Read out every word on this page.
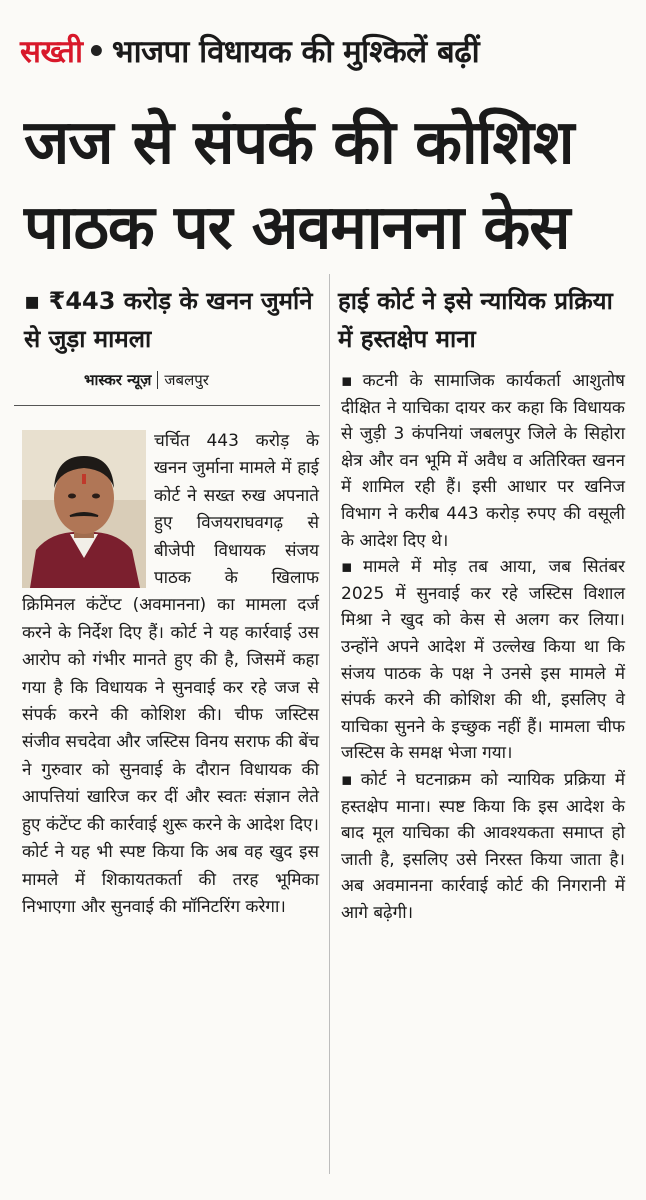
सख्ती • भाजपा विधायक की मुश्किलें बढ़ीं
जज से संपर्क की कोशिश
पाठक पर अवमानना केस
▪ ₹443 करोड़ के खनन जुर्माने से जुड़ा मामला
हाई कोर्ट ने इसे न्यायिक प्रक्रिया में हस्तक्षेप माना
भास्कर न्यूज़ जबलपुर

चर्चित 443 करोड़ के खनन जुर्माना मामले में हाई कोर्ट ने सख्त रुख अपनाते हुए विजयराघवगढ़ से बीजेपी विधायक संजय पाठक के खिलाफ क्रिमिनल कंटेंप्ट (अवमानना) का मामला दर्ज करने के निर्देश दिए हैं। कोर्ट ने यह कार्रवाई उस आरोप को गंभीर मानते हुए की है, जिसमें कहा गया है कि विधायक ने सुनवाई कर रहे जज से संपर्क करने की कोशिश की। चीफ जस्टिस संजीव सचदेवा और जस्टिस विनय सराफ की बेंच ने गुरुवार को सुनवाई के दौरान विधायक की आपत्तियां खारिज कर दीं और स्वतः संज्ञान लेते हुए कंटेंप्ट की कार्रवाई शुरू करने के आदेश दिए। कोर्ट ने यह भी स्पष्ट किया कि अब वह खुद इस मामले में शिकायतकर्ता की तरह भूमिका निभाएगा और सुनवाई की मॉनिटरिंग करेगा।

▪ कटनी के सामाजिक कार्यकर्ता आशुतोष दीक्षित ने याचिका दायर कर कहा कि विधायक से जुड़ी 3 कंपनियां जबलपुर जिले के सिहोरा क्षेत्र और वन भूमि में अवैध व अतिरिक्त खनन में शामिल रही हैं। इसी आधार पर खनिज विभाग ने करीब 443 करोड़ रुपए की वसूली के आदेश दिए थे।

▪ मामले में मोड़ तब आया, जब सितंबर 2025 में सुनवाई कर रहे जस्टिस विशाल मिश्रा ने खुद को केस से अलग कर लिया। उन्होंने अपने आदेश में उल्लेख किया था कि संजय पाठक के पक्ष ने उनसे इस मामले में संपर्क करने की कोशिश की थी, इसलिए वे याचिका सुनने के इच्छुक नहीं हैं। मामला चीफ जस्टिस के समक्ष भेजा गया।

▪ कोर्ट ने घटनाक्रम को न्यायिक प्रक्रिया में हस्तक्षेप माना। स्पष्ट किया कि इस आदेश के बाद मूल याचिका की आवश्यकता समाप्त हो जाती है, इसलिए उसे निरस्त किया जाता है। अब अवमानना कार्रवाई कोर्ट की निगरानी में आगे बढ़ेगी।
